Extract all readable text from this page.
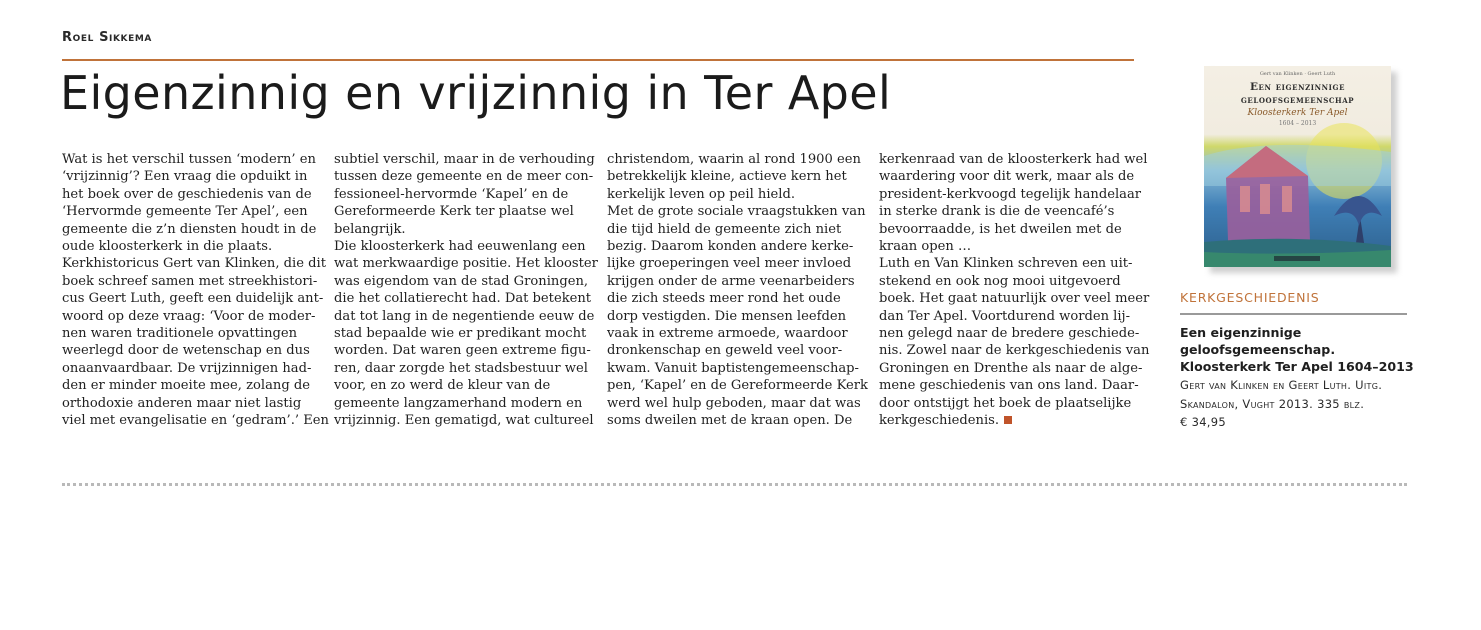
Roel Sikkema
Eigenzinnig en vrijzinnig in Ter Apel
Wat is het verschil tussen ‘modern’ en
‘vrijzinnig’? Een vraag die opduikt in
het boek over de geschiedenis van de
‘Hervormde gemeente Ter Apel’, een
gemeente die z’n diensten houdt in de
oude kloosterkerk in die plaats.
Kerkhistoricus Gert van Klinken, die dit
boek schreef samen met streekhistori-
cus Geert Luth, geeft een duidelijk ant-
woord op deze vraag: ‘Voor de moder-
nen waren traditionele opvattingen
weerlegd door de wetenschap en dus
onaanvaardbaar. De vrijzinnigen had-
den er minder moeite mee, zolang de
orthodoxie anderen maar niet lastig
viel met evangelisatie en ‘gedram’.’ Een
subtiel verschil, maar in de verhouding
tussen deze gemeente en de meer con-
fessioneel-hervormde ‘Kapel’ en de
Gereformeerde Kerk ter plaatse wel
belangrijk.
Die kloosterkerk had eeuwenlang een
wat merkwaardige positie. Het klooster
was eigendom van de stad Groningen,
die het collatierecht had. Dat betekent
dat tot lang in de negentiende eeuw de
stad bepaalde wie er predikant mocht
worden. Dat waren geen extreme figu-
ren, daar zorgde het stadsbestuur wel
voor, en zo werd de kleur van de
gemeente langzamerhand modern en
vrijzinnig. Een gematigd, wat cultureel
christendom, waarin al rond 1900 een
betrekkelijk kleine, actieve kern het
kerkelijk leven op peil hield.
Met de grote sociale vraagstukken van
die tijd hield de gemeente zich niet
bezig. Daarom konden andere kerke-
lijke groeperingen veel meer invloed
krijgen onder de arme veenarbeiders
die zich steeds meer rond het oude
dorp vestigden. Die mensen leefden
vaak in extreme armoede, waardoor
dronkenschap en geweld veel voor-
kwam. Vanuit baptistengemeenschap-
pen, ‘Kapel’ en de Gereformeerde Kerk
werd wel hulp geboden, maar dat was
soms dweilen met de kraan open. De
kerkenraad van de kloosterkerk had wel
waardering voor dit werk, maar als de
president-kerkvoogd tegelijk handelaar
in sterke drank is die de veencafé’s
bevoorraadde, is het dweilen met de
kraan open …
Luth en Van Klinken schreven een uit-
stekend en ook nog mooi uitgevoerd
boek. Het gaat natuurlijk over veel meer
dan Ter Apel. Voortdurend worden lij-
nen gelegd naar de bredere geschiede-
nis. Zowel naar de kerkgeschiedenis van
Groningen en Drenthe als naar de alge-
mene geschiedenis van ons land. Daar-
door ontstijgt het boek de plaatselijke
kerkgeschiedenis.
Gert van Klinken · Geert Luth
Een eigenzinnige
geloofsgemeenschap
Kloosterkerk Ter Apel
1604 – 2013
KERKGESCHIEDENIS
Een eigenzinnige
geloofsgemeenschap.
Kloosterkerk Ter Apel 1604–2013
Gert van Klinken en Geert Luth. Uitg.
Skandalon, Vught 2013. 335 blz.
€ 34,95
